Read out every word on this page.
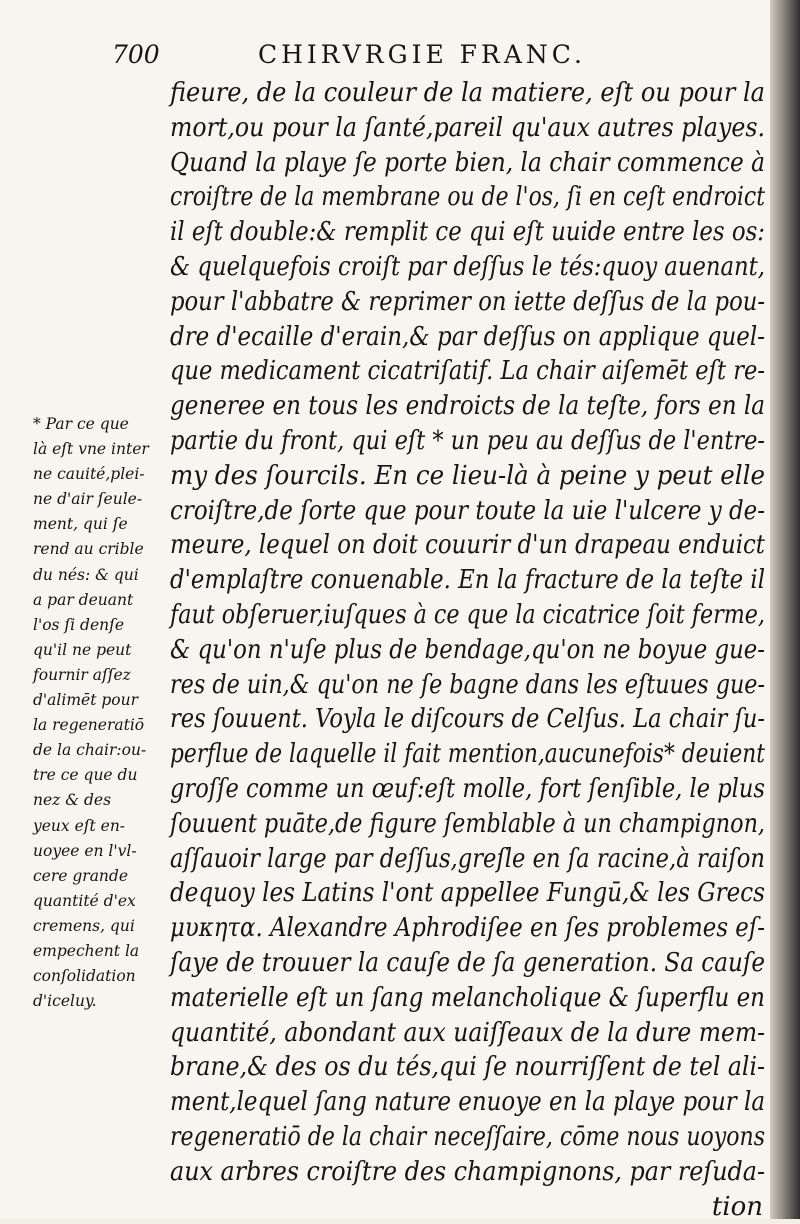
700	CHIRVRGIE FRANC.
fieure, de la couleur de la matiere, eſt ou pour la
mort,ou pour la ſanté,pareil qu'aux autres playes.
Quand la playe ſe porte bien, la chair commence à
croiſtre de la membrane ou de l'os, ſi en ceſt endroict
il eſt double:& remplit ce qui eſt uuide entre les os:
& quelquefois croiſt par deſſus le tés:quoy auenant,
pour l'abbatre & reprimer on iette deſſus de la pou-
dre d'ecaille d'erain,& par deſſus on applique quel-
que medicament cicatriſatif. La chair aiſemēt eſt re-
generee en tous les endroicts de la teſte, fors en la
partie du front, qui eſt * un peu au deſſus de l'entre-
my des ſourcils. En ce lieu-là à peine y peut elle
croiſtre,de ſorte que pour toute la uie l'ulcere y de-
meure, lequel on doit couurir d'un drapeau enduict
d'emplaſtre conuenable. En la fracture de la teſte il
faut obſeruer,iuſques à ce que la cicatrice ſoit ferme,
& qu'on n'uſe plus de bendage,qu'on ne boyue gue-
res de uin,& qu'on ne ſe bagne dans les eſtuues gue-
res ſouuent. Voyla le diſcours de Celſus. La chair ſu-
perflue de laquelle il fait mention,aucunefois* deuient
groſſe comme un œuf:eſt molle, fort ſenſible, le plus
ſouuent puāte,de figure ſemblable à un champignon,
aſſauoir large par deſſus,greſle en ſa racine,à raiſon
dequoy les Latins l'ont appellee Fungū,& les Grecs
μυκητα. Alexandre Aphrodiſee en ſes problemes eſ-
ſaye de trouuer la cauſe de ſa generation. Sa cauſe
materielle eſt un ſang melancholique & ſuperflu en
quantité, abondant aux uaiſſeaux de la dure mem-
brane,& des os du tés,qui ſe nourriſſent de tel ali-
ment,lequel ſang nature enuoye en la playe pour la
regeneratiō de la chair neceſſaire, cōme nous uoyons
aux arbres croiſtre des champignons, par reſuda-
tion
* Par ce que
là eſt vne inter
ne cauité,plei-
ne d'air ſeule-
ment, qui ſe
rend au crible
du nés: & qui
a par deuant
l'os ſi denſe
qu'il ne peut
fournir aſſez
d'alimēt pour
la regeneratiō
de la chair:ou-
tre ce que du
nez & des
yeux eſt en-
uoyee en l'vl-
cere grande
quantité d'ex
cremens, qui
empechent la
conſolidation
d'iceluy.
